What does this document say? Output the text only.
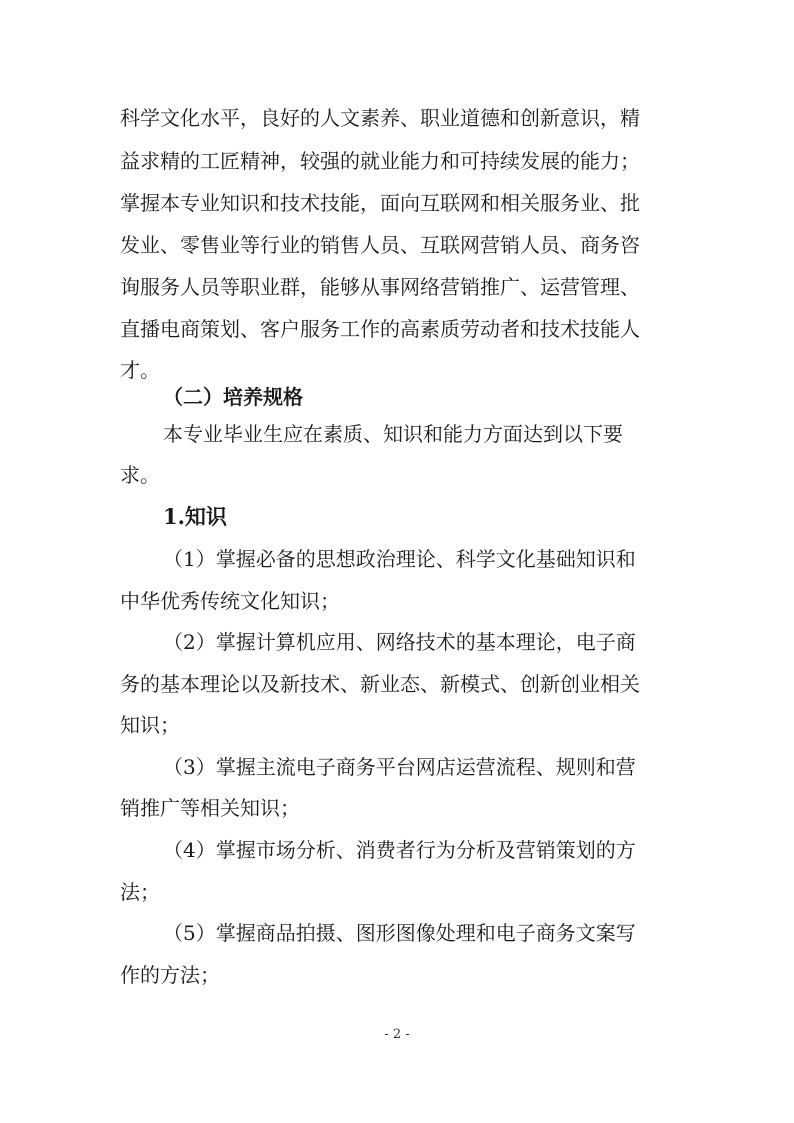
科学文化水平，良好的人文素养、职业道德和创新意识，精
益求精的工匠精神，较强的就业能力和可持续发展的能力；
掌握本专业知识和技术技能，面向互联网和相关服务业、批
发业、零售业等行业的销售人员、互联网营销人员、商务咨
询服务人员等职业群，能够从事网络营销推广、运营管理、
直播电商策划、客户服务工作的高素质劳动者和技术技能人
才。
（二）培养规格
本专业毕业生应在素质、知识和能力方面达到以下要
求。
1.知识
（1）掌握必备的思想政治理论、科学文化基础知识和
中华优秀传统文化知识；
（2）掌握计算机应用、网络技术的基本理论，电子商
务的基本理论以及新技术、新业态、新模式、创新创业相关
知识；
（3）掌握主流电子商务平台网店运营流程、规则和营
销推广等相关知识；
（4）掌握市场分析、消费者行为分析及营销策划的方
法；
（5）掌握商品拍摄、图形图像处理和电子商务文案写
作的方法；
- 2 -
